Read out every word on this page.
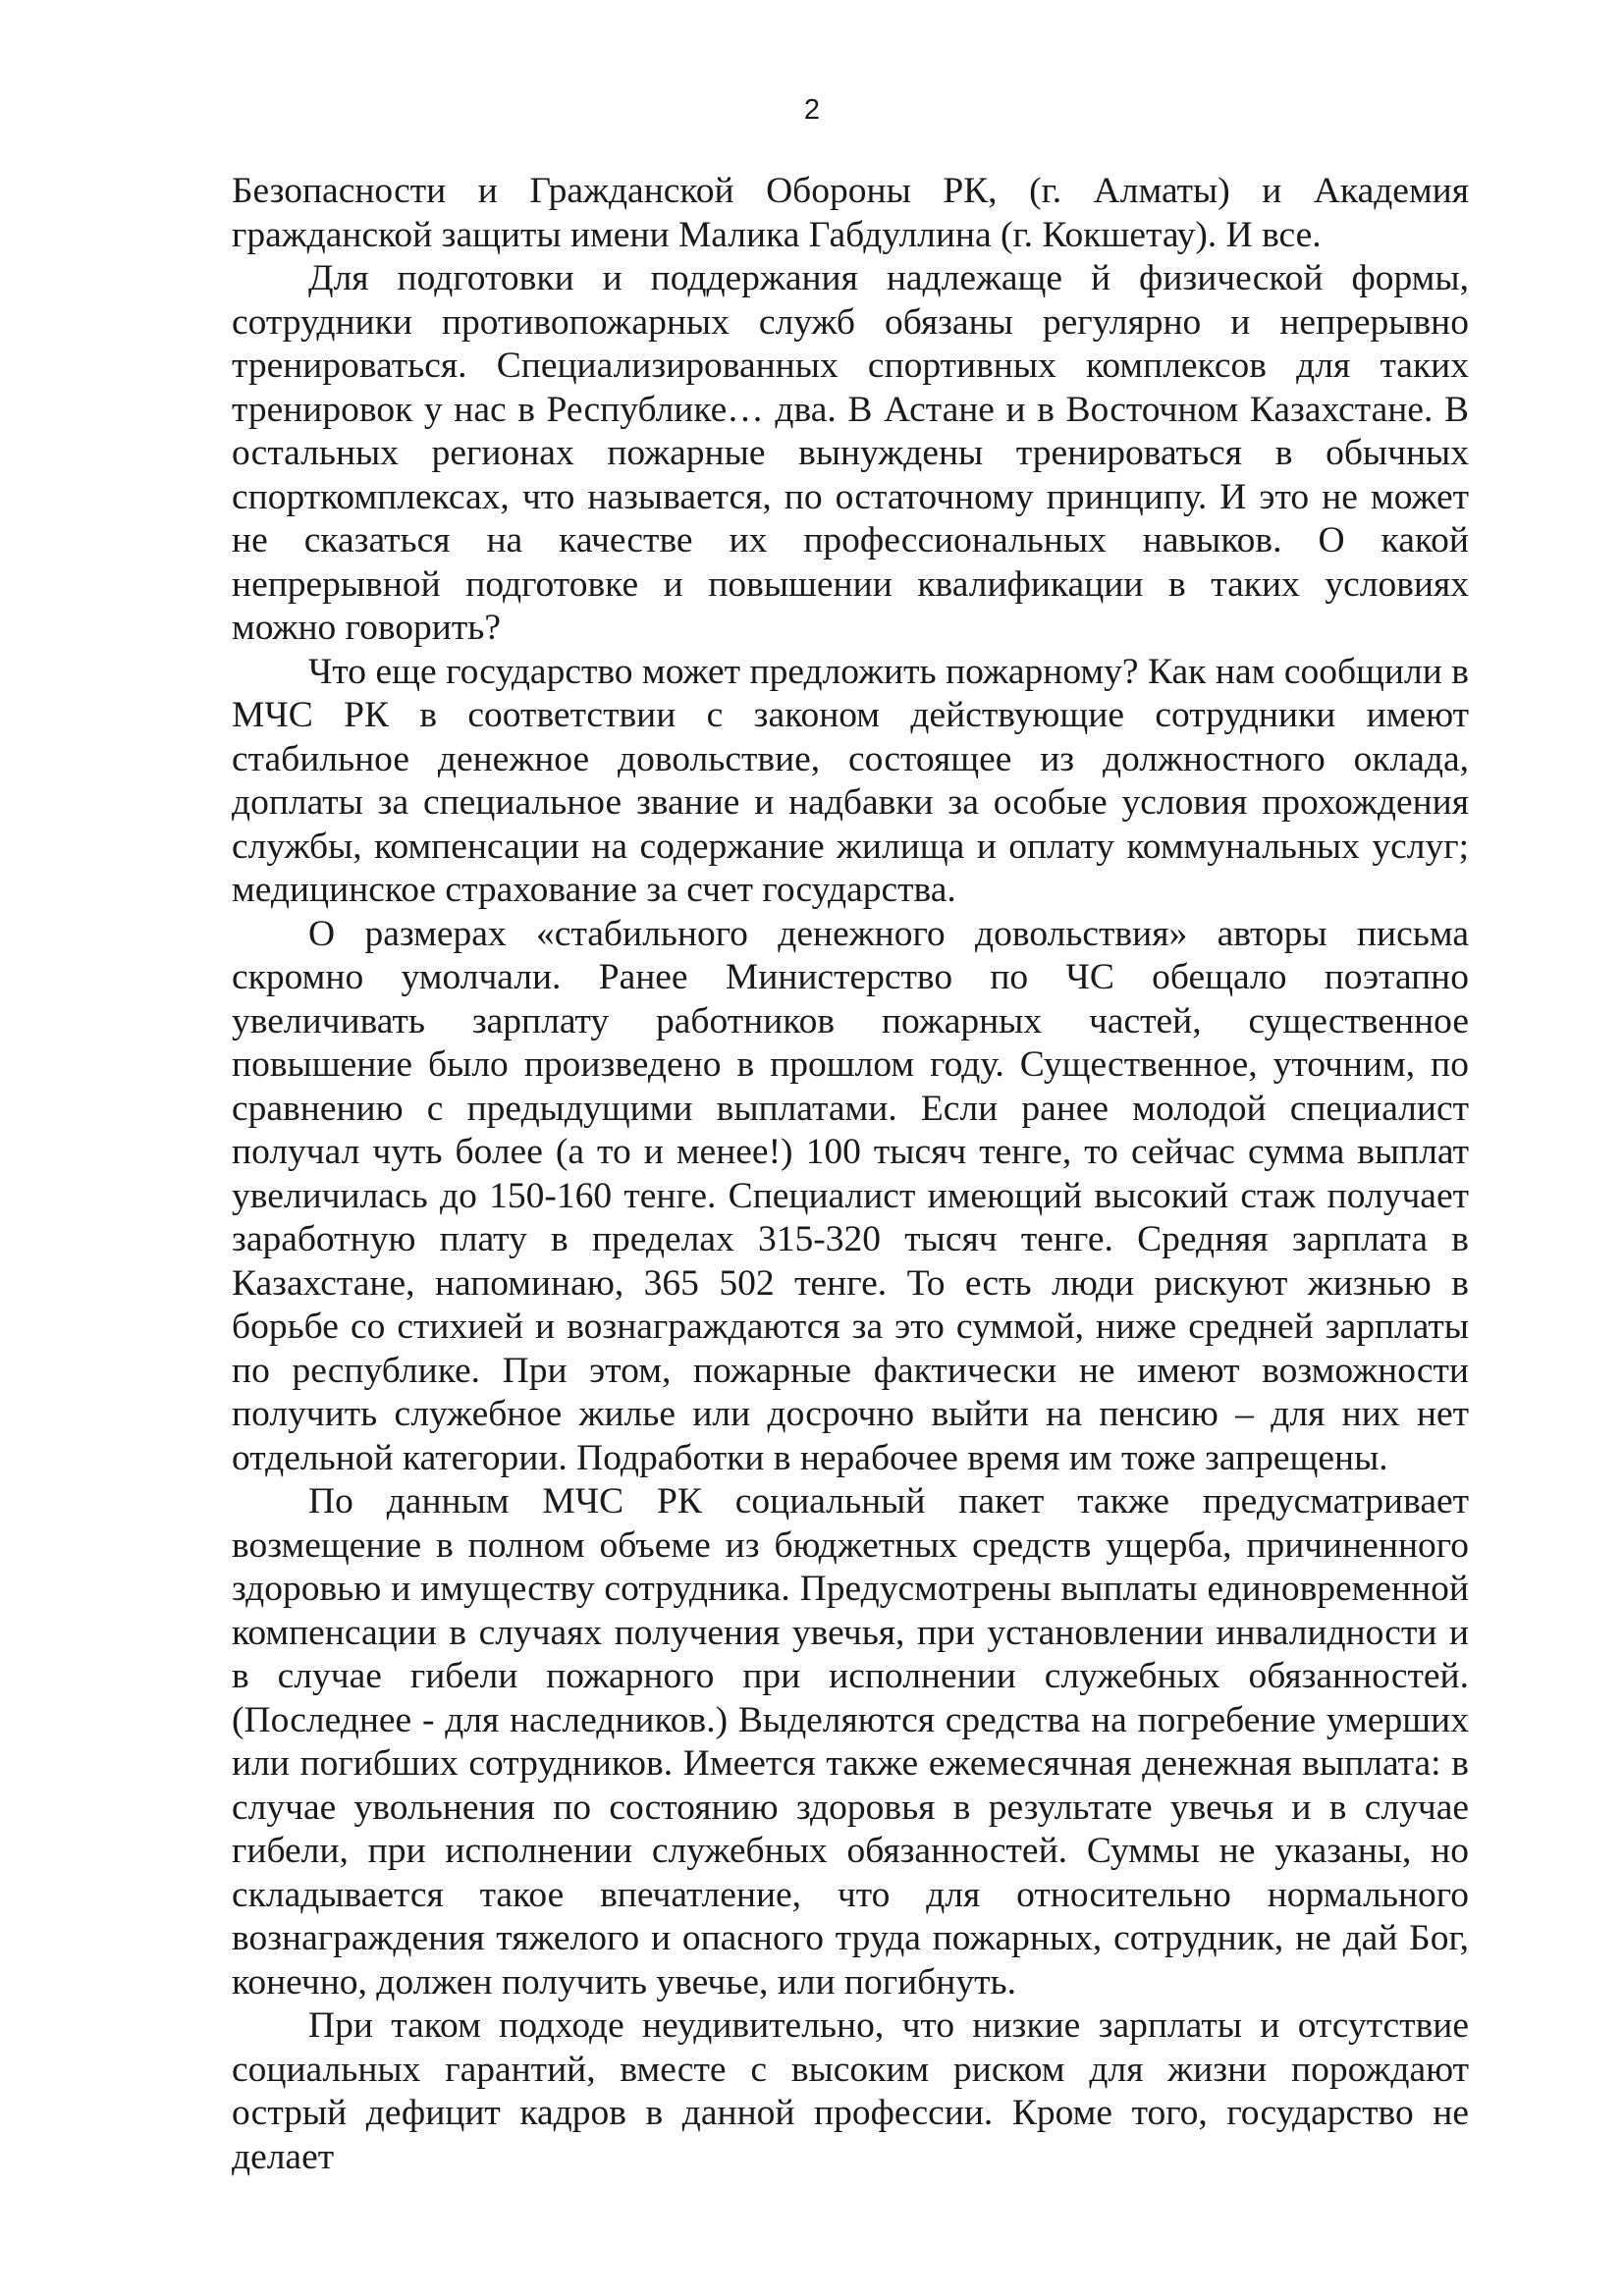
2

Безопасности и Гражданской Обороны РК, (г. Алматы) и Академия гражданской защиты имени Малика Габдуллина (г. Кокшетау). И все.

Для подготовки и поддержания надлежаще й физической формы, сотрудники противопожарных служб обязаны регулярно и непрерывно тренироваться. Специализированных спортивных комплексов для таких тренировок у нас в Республике… два. В Астане и в Восточном Казахстане. В остальных регионах пожарные вынуждены тренироваться в обычных спорткомплексах, что называется, по остаточному принципу. И это не может не сказаться на качестве их профессиональных навыков. О какой непрерывной подготовке и повышении квалификации в таких условиях можно говорить?

Что еще государство может предложить пожарному? Как нам сообщили в МЧС РК в соответствии с законом действующие сотрудники имеют стабильное денежное довольствие, состоящее из должностного оклада, доплаты за специальное звание и надбавки за особые условия прохождения службы, компенсации на содержание жилища и оплату коммунальных услуг; медицинское страхование за счет государства.

О размерах «стабильного денежного довольствия» авторы письма скромно умолчали. Ранее Министерство по ЧС обещало поэтапно увеличивать зарплату работников пожарных частей, существенное повышение было произведено в прошлом году. Существенное, уточним, по сравнению с предыдущими выплатами. Если ранее молодой специалист получал чуть более (а то и менее!) 100 тысяч тенге, то сейчас сумма выплат увеличилась до 150-160 тенге. Специалист имеющий высокий стаж получает заработную плату в пределах 315-320 тысяч тенге. Средняя зарплата в Казахстане, напоминаю, 365 502 тенге. То есть люди рискуют жизнью в борьбе со стихией и вознаграждаются за это суммой, ниже средней зарплаты по республике. При этом, пожарные фактически не имеют возможности получить служебное жилье или досрочно выйти на пенсию – для них нет отдельной категории. Подработки в нерабочее время им тоже запрещены.

По данным МЧС РК социальный пакет также предусматривает возмещение в полном объеме из бюджетных средств ущерба, причиненного здоровью и имуществу сотрудника. Предусмотрены выплаты единовременной компенсации в случаях получения увечья, при установлении инвалидности и в случае гибели пожарного при исполнении служебных обязанностей. (Последнее - для наследников.) Выделяются средства на погребение умерших или погибших сотрудников. Имеется также ежемесячная денежная выплата: в случае увольнения по состоянию здоровья в результате увечья и в случае гибели, при исполнении служебных обязанностей. Суммы не указаны, но складывается такое впечатление, что для относительно нормального вознаграждения тяжелого и опасного труда пожарных, сотрудник, не дай Бог, конечно, должен получить увечье, или погибнуть.

При таком подходе неудивительно, что низкие зарплаты и отсутствие социальных гарантий, вместе с высоким риском для жизни порождают острый дефицит кадров в данной профессии. Кроме того, государство не делает
